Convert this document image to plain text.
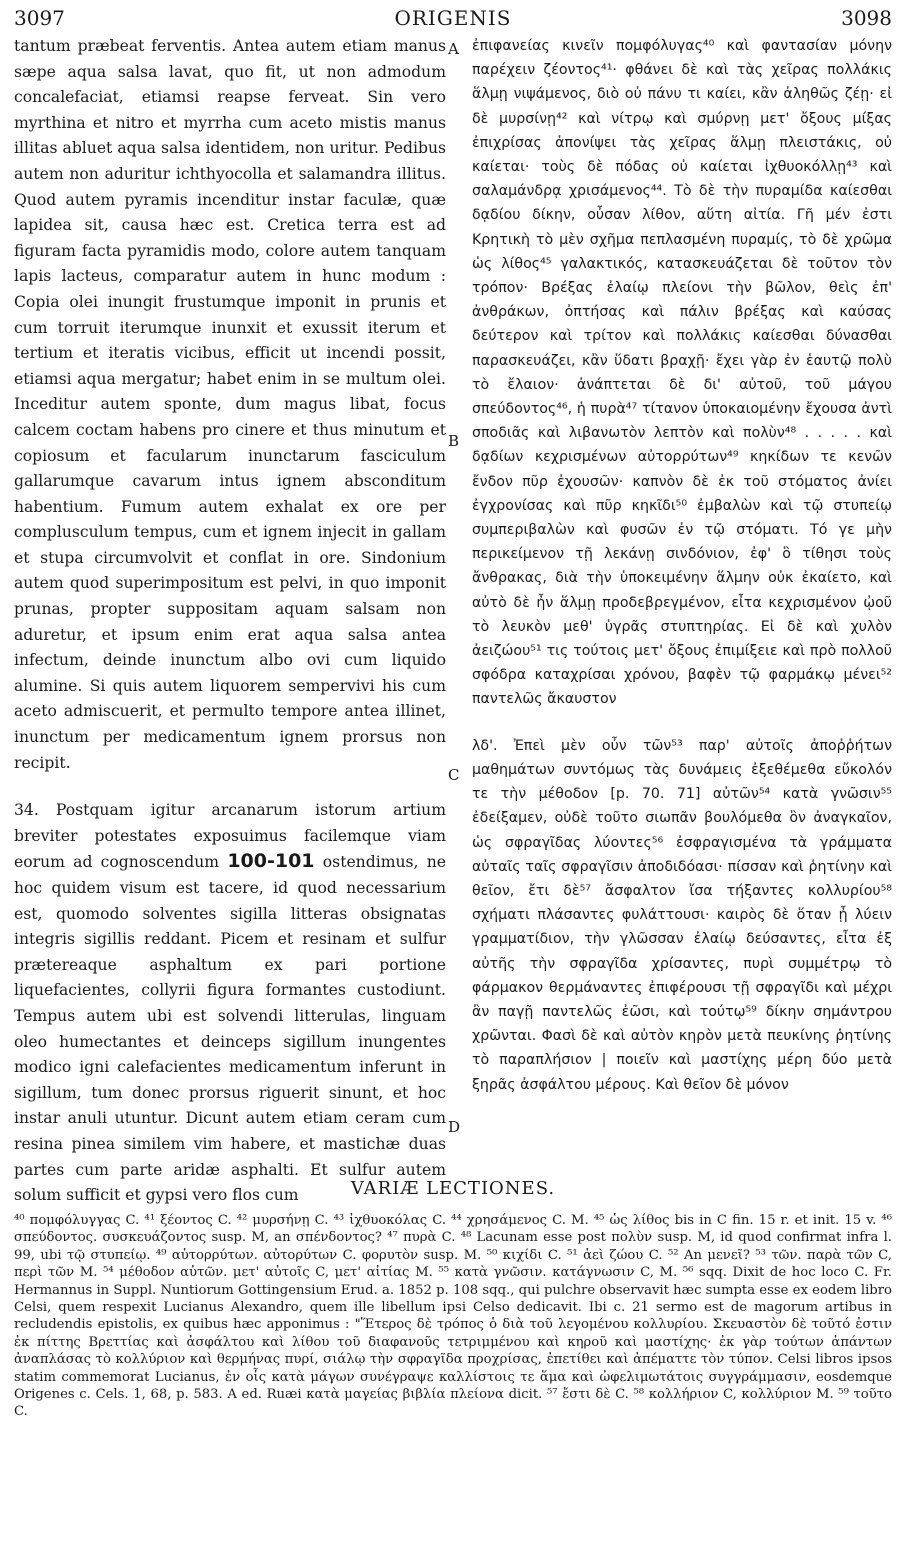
3097	ORIGENIS	3098

tantum præbeat ferventis. Antea autem etiam manus sæpe aqua salsa lavat, quo fit, ut non admodum concalefaciat, etiamsi reapse ferveat. Sin vero myrthina et nitro et myrrha cum aceto mistis manus illitas abluet aqua salsa identidem, non uritur. Pedibus autem non aduritur ichthyocolla et salamandra illitus. Quod autem pyramis incenditur instar faculæ, quæ lapidea sit, causa hæc est. Cretica terra est ad figuram facta pyramidis modo, colore autem tanquam lapis lacteus, comparatur autem in hunc modum : Copia olei inungit frustumque imponit in prunis et cum torruit iterumque inunxit et exussit iterum et tertium et iteratis vicibus, efficit ut incendi possit, etiamsi aqua mergatur; habet enim in se multum olei. Inceditur autem sponte, dum magus libat, focus calcem coctam habens pro cinere et thus minutum et copiosum et facularum inunctarum fasciculum gallarumque cavarum intus ignem absconditum habentium. Fumum autem exhalat ex ore per complusculum tempus, cum et ignem injecit in gallam et stupa circumvolvit et conflat in ore. Sindonium autem quod superimpositum est pelvi, in quo imponit prunas, propter suppositam aquam salsam non aduretur, et ipsum enim erat aqua salsa antea infectum, deinde inunctum albo ovi cum liquido alumine. Si quis autem liquorem sempervivi his cum aceto admiscuerit, et permulto tempore antea illinet, inunctum per medicamentum ignem prorsus non recipit.

34. Postquam igitur arcanarum istorum artium breviter potestates exposuimus facilemque viam eorum ad cognoscendum 100-101 ostendimus, ne hoc quidem visum est tacere, id quod necessarium est, quomodo solventes sigilla litteras obsignatas integris sigillis reddant. Picem et resinam et sulfur prætereaque asphaltum ex pari portione liquefacientes, collyrii figura formantes custodiunt. Tempus autem ubi est solvendi litterulas, linguam oleo humectantes et deinceps sigillum inungentes modico igni calefacientes medicamentum inferunt in sigillum, tum donec prorsus riguerit sinunt, et hoc instar anuli utuntur. Dicunt autem etiam ceram cum resina pinea similem vim habere, et mastichæ duas partes cum parte aridæ asphalti. Et sulfur autem solum sufficit et gypsi vero flos cum

A
B
C
D

ἐπιφανείας κινεῖν πομφόλυγας⁴⁰ καὶ φαντασίαν μόνην παρέχειν ζέοντος⁴¹· φθάνει δὲ καὶ τὰς χεῖρας πολλάκις ἅλμῃ νιψάμενος, διὸ οὐ πάνυ τι καίει, κἂν ἀληθῶς ζέῃ· εἰ δὲ μυρσίνῃ⁴² καὶ νίτρῳ καὶ σμύρνῃ μετ' ὄξους μίξας ἐπιχρίσας ἀπονίψει τὰς χεῖρας ἅλμῃ πλειστάκις, οὐ καίεται· τοὺς δὲ πόδας οὐ καίεται ἰχθυοκόλλῃ⁴³ καὶ σαλαμάνδρᾳ χρισάμενος⁴⁴. Τὸ δὲ τὴν πυραμίδα καίεσθαι δᾳδίου δίκην, οὖσαν λίθον, αὕτη αἰτία. Γῆ μέν ἐστι Κρητικὴ τὸ μὲν σχῆμα πεπλασμένη πυραμίς, τὸ δὲ χρῶμα ὡς λίθος⁴⁵ γαλακτικός, κατασκευάζεται δὲ τοῦτον τὸν τρόπον· Βρέξας ἐλαίῳ πλείονι τὴν βῶλον, θεὶς ἐπ' ἀνθράκων, ὀπτήσας καὶ πάλιν βρέξας καὶ καύσας δεύτερον καὶ τρίτον καὶ πολλάκις καίεσθαι δύνασθαι παρασκευάζει, κἂν ὕδατι βραχῇ· ἔχει γὰρ ἐν ἑαυτῷ πολὺ τὸ ἔλαιον· ἀνάπτεται δὲ δι' αὐτοῦ, τοῦ μάγου σπεύδοντος⁴⁶, ἡ πυρὰ⁴⁷ τίτανον ὑποκαιομένην ἔχουσα ἀντὶ σποδιᾶς καὶ λιβανωτὸν λεπτὸν καὶ πολὺν⁴⁸ . . . . . καὶ δᾳδίων κεχρισμένων αὐτορρύτων⁴⁹ κηκίδων τε κενῶν ἔνδον πῦρ ἐχουσῶν· καπνὸν δὲ ἐκ τοῦ στόματος ἀνίει ἐγχρονίσας καὶ πῦρ κηκῖδι⁵⁰ ἐμβαλὼν καὶ τῷ στυπείῳ συμπεριβαλὼν καὶ φυσῶν ἐν τῷ στόματι. Τό γε μὴν περικείμενον τῇ λεκάνῃ σινδόνιον, ἐφ' ὃ τίθησι τοὺς ἄνθρακας, διὰ τὴν ὑποκειμένην ἅλμην οὐκ ἐκαίετο, καὶ αὐτὸ δὲ ἦν ἅλμῃ προδεβρεγμένον, εἶτα κεχρισμένον ᾠοῦ τὸ λευκὸν μεθ' ὑγρᾶς στυπτηρίας. Εἰ δὲ καὶ χυλὸν ἀειζώου⁵¹ τις τούτοις μετ' ὄξους ἐπιμίξειε καὶ πρὸ πολλοῦ σφόδρα καταχρίσαι χρόνου, βαφὲν τῷ φαρμάκῳ μένει⁵² παντελῶς ἄκαυστον

λδ'. Ἐπεὶ μὲν οὖν τῶν⁵³ παρ' αὐτοῖς ἀποῤῥήτων μαθημάτων συντόμως τὰς δυνάμεις ἐξεθέμεθα εὔκολόν τε τὴν μέθοδον [p. 70. 71] αὐτῶν⁵⁴ κατὰ γνῶσιν⁵⁵ ἐδείξαμεν, οὐδὲ τοῦτο σιωπᾶν βουλόμεθα ὃν ἀναγκαῖον, ὡς σφραγῖδας λύοντες⁵⁶ ἐσφραγισμένα τὰ γράμματα αὐταῖς ταῖς σφραγῖσιν ἀποδιδόασι· πίσσαν καὶ ῥητίνην καὶ θεῖον, ἔτι δὲ⁵⁷ ἄσφαλτον ἴσα τήξαντες κολλυρίου⁵⁸ σχήματι πλάσαντες φυλάττουσι· καιρὸς δὲ ὅταν ᾖ λύειν γραμματίδιον, τὴν γλῶσσαν ἐλαίῳ δεύσαντες, εἶτα ἐξ αὐτῆς τὴν σφραγῖδα χρίσαντες, πυρὶ συμμέτρῳ τὸ φάρμακον θερμάναντες ἐπιφέρουσι τῇ σφραγῖδι καὶ μέχρι ἂν παγῇ παντελῶς ἐῶσι, καὶ τούτῳ⁵⁹ δίκην σημάντρου χρῶνται. Φασὶ δὲ καὶ αὐτὸν κηρὸν μετὰ πευκίνης ῥητίνης τὸ παραπλήσιον | ποιεῖν καὶ μαστίχης μέρη δύο μετὰ ξηρᾶς ἀσφάλτου μέρους. Καὶ θεῖον δὲ μόνον

VARIÆ LECTIONES.

⁴⁰ πομφόλυγγας C. ⁴¹ ξέοντος C. ⁴² μυρσήνῃ C. ⁴³ ἰχθυοκόλας C. ⁴⁴ χρησάμενος C. M. ⁴⁵ ὡς λίθος bis in C fin. 15 r. et init. 15 v. ⁴⁶ σπεύδοντος. συσκευάζοντος susp. M, an σπένδοντος? ⁴⁷ πυρὰ C. ⁴⁸ Lacunam esse post πολὺν susp. M, id quod confirmat infra l. 99, ubi τῷ στυπείῳ. ⁴⁹ αὐτορρύτων. αὐτορύτων C. φορυτὸν susp. M. ⁵⁰ κιχίδι C. ⁵¹ ἀεὶ ζώου C. ⁵² An μενεῖ? ⁵³ τῶν. παρὰ τῶν C, περὶ τῶν M. ⁵⁴ μέθοδον αὐτῶν. μετ' αὐτοῖς C, μετ' αἰτίας M. ⁵⁵ κατὰ γνῶσιν. κατάγνωσιν C, M. ⁵⁶ sqq. Dixit de hoc loco C. Fr. Hermannus in Suppl. Nuntiorum Gottingensium Erud. a. 1852 p. 108 sqq., qui pulchre observavit hæc sumpta esse ex eodem libro Celsi, quem respexit Lucianus Alexandro, quem ille libellum ipsi Celso dedicavit. Ibi c. 21 sermo est de magorum artibus in recludendis epistolis, ex quibus hæc apponimus : "Ἕτερος δὲ τρόπος ὁ διὰ τοῦ λεγομένου κολλυρίου. Σκευαστὸν δὲ τοῦτό ἐστιν ἐκ πίττης Βρεττίας καὶ ἀσφάλτου καὶ λίθου τοῦ διαφανοῦς τετριμμένου καὶ κηροῦ καὶ μαστίχης· ἐκ γὰρ τούτων ἁπάντων ἀναπλάσας τὸ κολλύριον καὶ θερμήνας πυρί, σιάλῳ τὴν σφραγῖδα προχρίσας, ἐπετίθει καὶ ἀπέματτε τὸν τύπον. Celsi libros ipsos statim commemorat Lucianus, ἐν οἷς κατὰ μάγων συνέγραψε καλλίστοις τε ἅμα καὶ ὠφελιμωτάτοις συγγράμμασιν, eosdemque Origenes c. Cels. 1, 68, p. 583. A ed. Ruæi κατὰ μαγείας βιβλία πλείονα dicit. ⁵⁷ ἔστι δὲ C. ⁵⁸ κολλήριον C, κολλύριον M. ⁵⁹ τοῦτο C.
